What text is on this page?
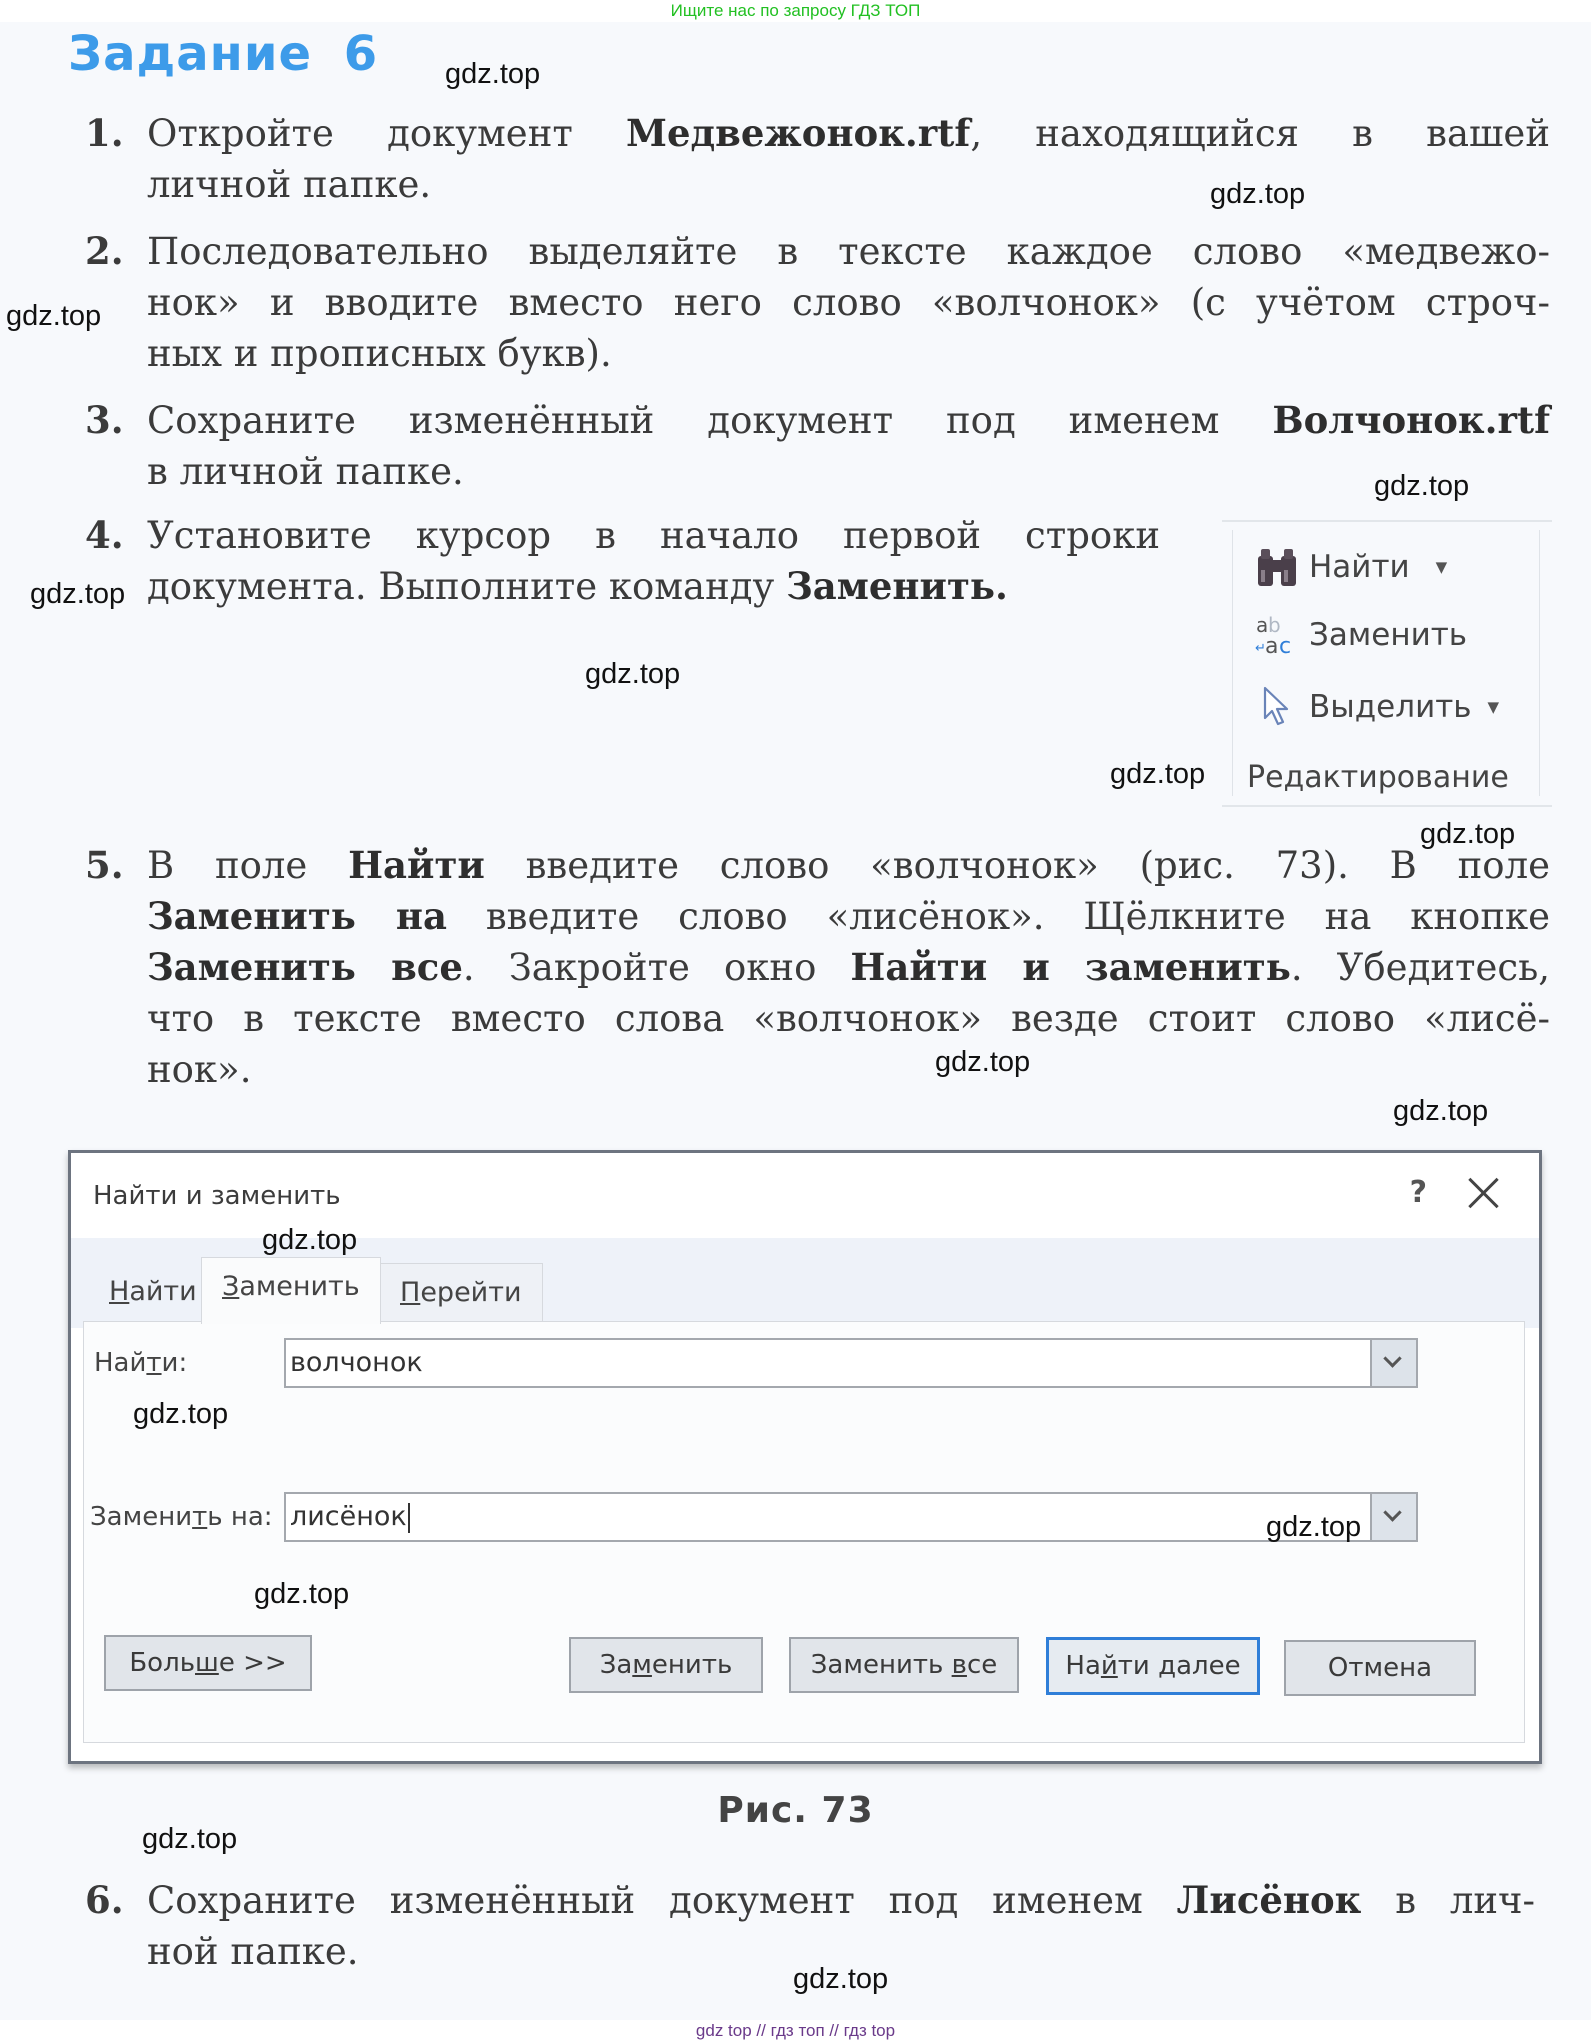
Ищите нас по запросу ГДЗ ТОП
Задание 6 gdz.top
gdz.top
gdz.top
gdz.top
gdz.top
gdz.top
gdz.top
gdz.top
gdz.top
gdz.top
gdz.top
gdz.top
gdz.top
gdz.top
gdz.top
gdz.top
1. Откройте документ Медвежонок.rtf, находящийся в вашей
личной папке.
2. Последовательно выделяйте в тексте каждое слово «медвежо-
нок» и вводите вместо него слово «волчонок» (с учётом строч-
ных и прописных букв).
3. Сохраните изменённый документ под именем Волчонок.rtf
в личной папке.
4. Установите курсор в начало первой строки
документа. Выполните команду Заменить.
5. В поле Найти введите слово «волчонок» (рис. 73). В поле
Заменить на введите слово «лисёнок». Щёлкните на кнопке
Заменить все. Закройте окно Найти и заменить. Убедитесь,
что в тексте вместо слова «волчонок» везде стоит слово «лисё-
нок».
6. Сохраните изменённый документ под именем Лисёнок в лич-
ной папке.
Найти ▼
a b
↵ a c Заменить
Выделить ▼
Редактирование
Найти и заменить	?
Найти Заменить	Перейти
Найти:	волчонок
Заменить на: лисёнок
Больше >>	Заменить	Заменить все	Найти далее	Отмена
Рис. 73
gdz top // гдз топ // гдз top
